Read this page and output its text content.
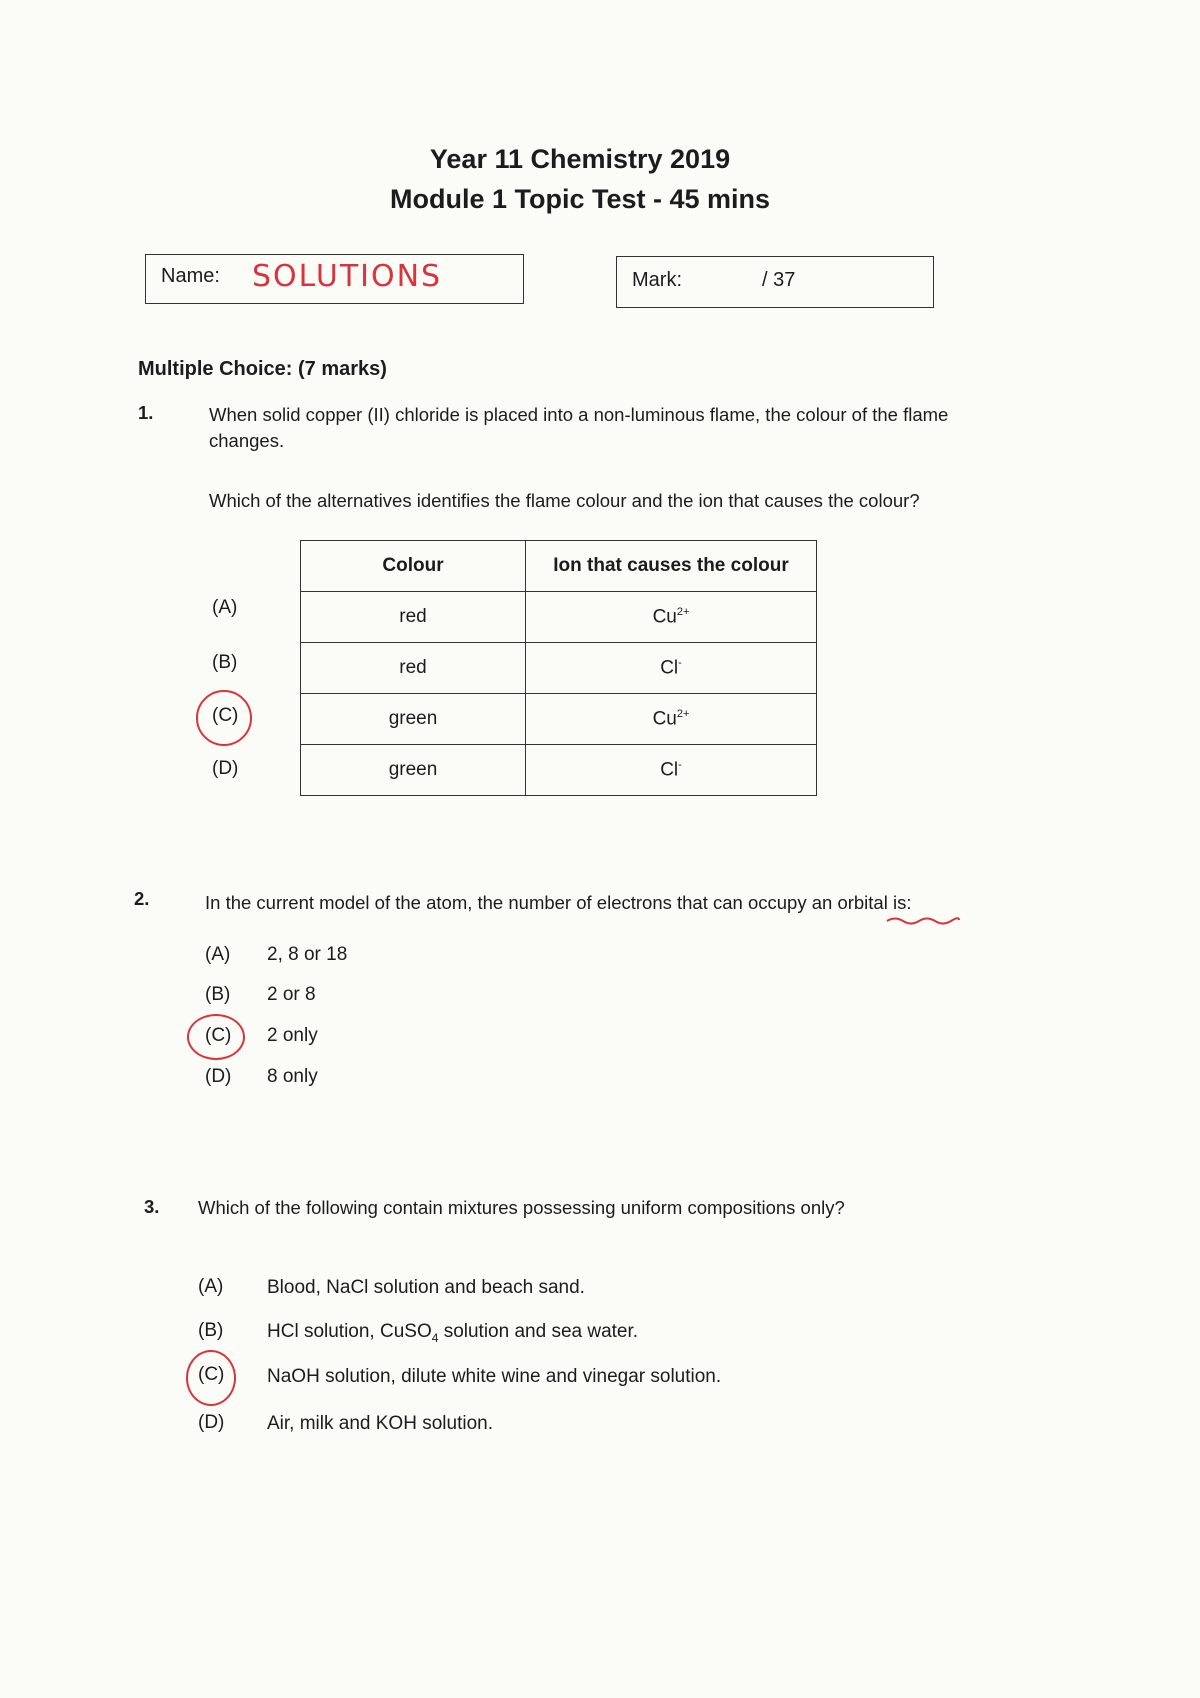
Year 11 Chemistry 2019
Module 1 Topic Test - 45 mins
Name: SOLUTIONS	Mark:	/ 37
Multiple Choice: (7 marks)
1.	When solid copper (II) chloride is placed into a non-luminous flame, the colour of the flame
changes.
Which of the alternatives identifies the flame colour and the ion that causes the colour?
Colour	Ion that causes the colour
red	$Cu^{2+}$
red	Cl-
green	$Cu^{2+}$
green	Cl-
(A)
(B)
(C)
(D)
2.	In the current model of the atom, the number of electrons that can occupy an orbital is:
(A) 2, 8 or 18
(B) 2 or 8
(C) 2 only
(D) 8 only
3. Which of the following contain mixtures possessing uniform compositions only?
(A) Blood, NaCl solution and beach sand.
(B) HCl solution, CuSO$_4$ solution and sea water.
(C) NaOH solution, dilute white wine and vinegar solution.
(D) Air, milk and KOH solution.
